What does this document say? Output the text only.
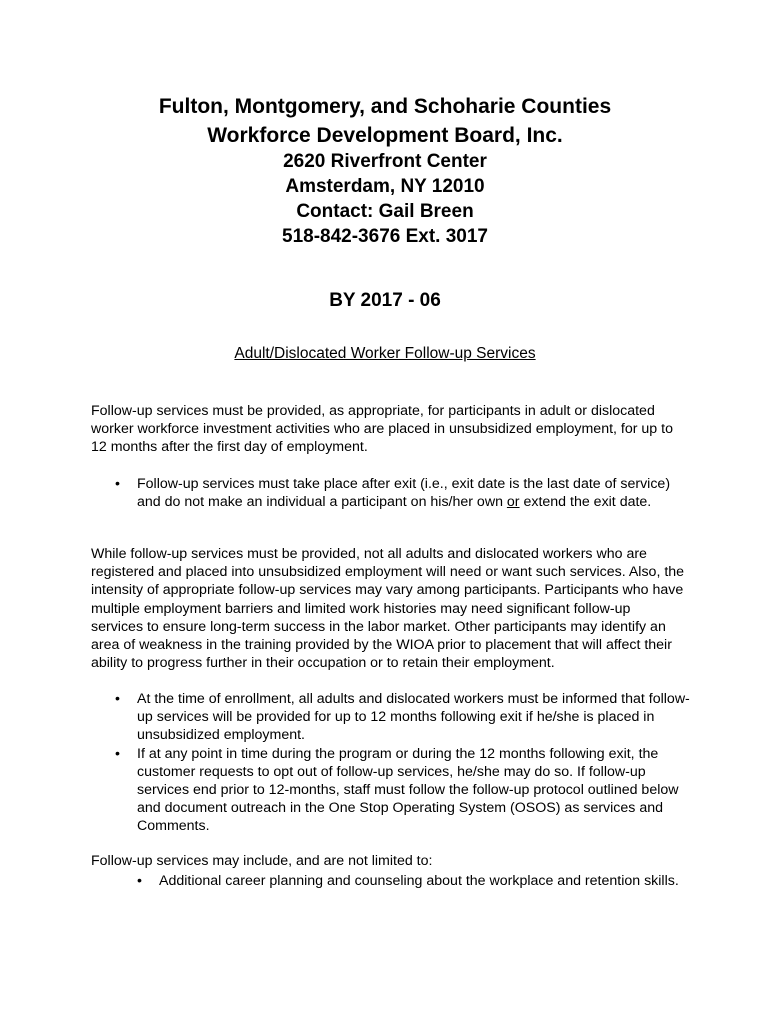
Fulton, Montgomery, and Schoharie Counties
Workforce Development Board, Inc.
2620 Riverfront Center
Amsterdam, NY 12010
Contact: Gail Breen
518-842-3676 Ext. 3017
BY 2017 - 06
Adult/Dislocated Worker Follow-up Services

Follow-up services must be provided, as appropriate, for participants in adult or dislocated worker workforce investment activities who are placed in unsubsidized employment, for up to 12 months after the first day of employment.

• Follow-up services must take place after exit (i.e., exit date is the last date of service) and do not make an individual a participant on his/her own or extend the exit date.

While follow-up services must be provided, not all adults and dislocated workers who are registered and placed into unsubsidized employment will need or want such services. Also, the intensity of appropriate follow-up services may vary among participants. Participants who have multiple employment barriers and limited work histories may need significant follow-up services to ensure long-term success in the labor market. Other participants may identify an area of weakness in the training provided by the WIOA prior to placement that will affect their ability to progress further in their occupation or to retain their employment.

• At the time of enrollment, all adults and dislocated workers must be informed that follow-up services will be provided for up to 12 months following exit if he/she is placed in unsubsidized employment.
• If at any point in time during the program or during the 12 months following exit, the customer requests to opt out of follow-up services, he/she may do so. If follow-up services end prior to 12-months, staff must follow the follow-up protocol outlined below and document outreach in the One Stop Operating System (OSOS) as services and Comments.

Follow-up services may include, and are not limited to:

• Additional career planning and counseling about the workplace and retention skills.
